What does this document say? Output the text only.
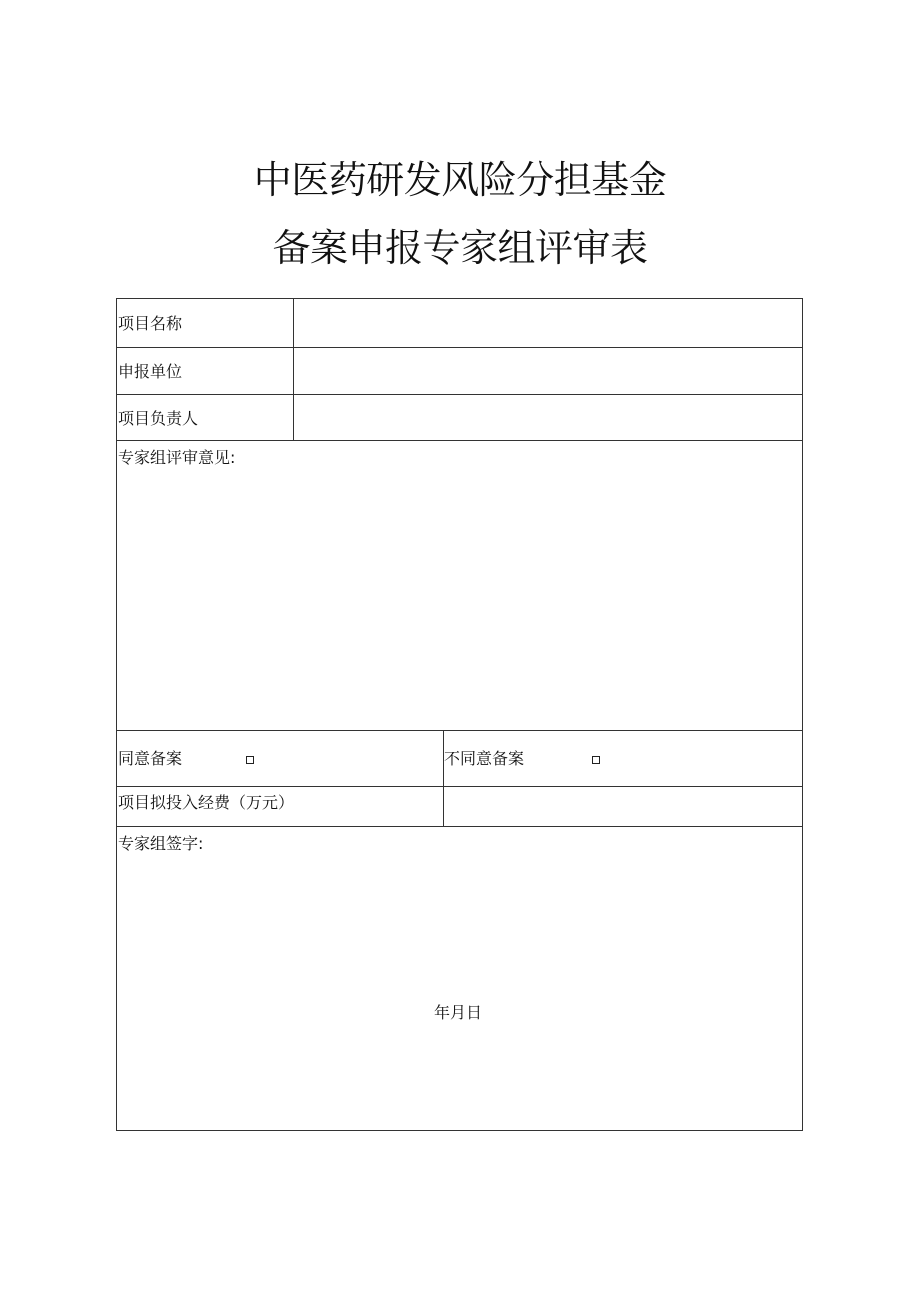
中医药研发风险分担基金
备案申报专家组评审表
项目名称
申报单位
项目负责人
专家组评审意见:
同意备案	不同意备案
项目拟投入经费（万元）
专家组签字:
年月日
